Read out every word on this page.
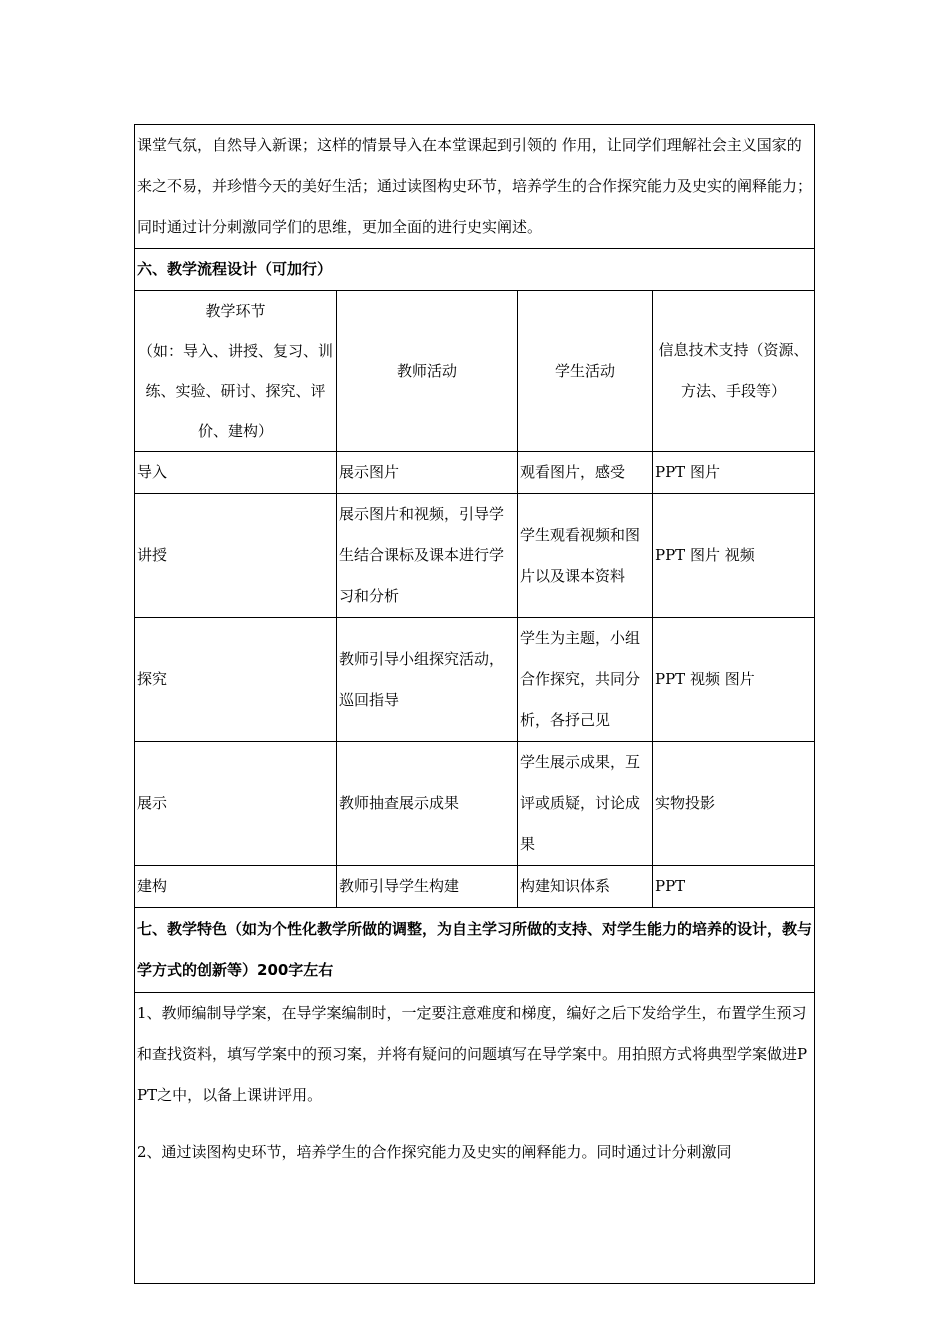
课堂气氛，自然导入新课；这样的情景导入在本堂课起到引领的 作用，让同学们理解社会主义国家的来之不易，并珍惜今天的美好生活；通过读图构史环节，培养学生的合作探究能力及史实的阐释能力；同时通过计分刺激同学们的思维，更加全面的进行史实阐述。			
六、教学流程设计（可加行）			

教学环节
（如：导入、讲授、复习、训练、实验、研讨、探究、评价、建构）	教师活动	学生活动	信息技术支持（资源、方法、手段等）
导入	展示图片	观看图片，感受	PPT 图片
讲授	展示图片和视频，引导学生结合课标及课本进行学习和分析	学生观看视频和图片以及课本资料	PPT 图片 视频
探究	教师引导小组探究活动，巡回指导	学生为主题，小组合作探究，共同分析，各抒己见	PPT 视频 图片
展示	教师抽查展示成果	学生展示成果，互评或质疑，讨论成果	实物投影
建构	教师引导学生构建	构建知识体系	PPT
七、教学特色（如为个性化教学所做的调整，为自主学习所做的支持、对学生能力的培养的设计，教与学方式的创新等）200字左右			

1、教师编制导学案，在导学案编制时，一定要注意难度和梯度，编好之后下发给学生，布置学生预习和查找资料，填写学案中的预习案，并将有疑问的问题填写在导学案中。用拍照方式将典型学案做进PPT之中，以备上课讲评用。

2、通过读图构史环节，培养学生的合作探究能力及史实的阐释能力。同时通过计分刺激同			
